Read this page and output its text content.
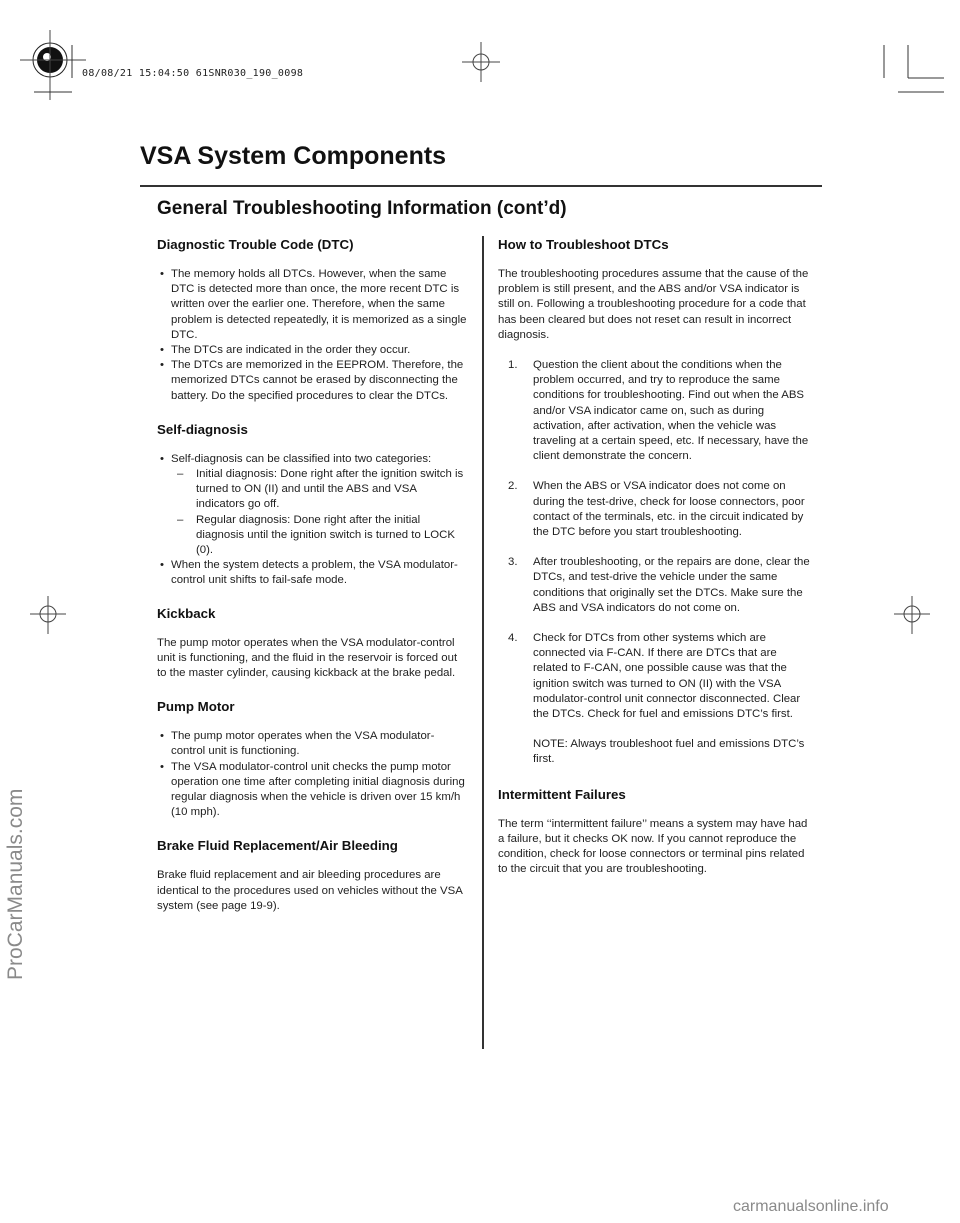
08/08/21 15:04:50 61SNR030_190_0098
VSA System Components
General Troubleshooting Information (cont’d)
Diagnostic Trouble Code (DTC)
• The memory holds all DTCs. However, when the same DTC is detected more than once, the more recent DTC is written over the earlier one. Therefore, when the same problem is detected repeatedly, it is memorized as a single DTC.
• The DTCs are indicated in the order they occur.
• The DTCs are memorized in the EEPROM. Therefore, the memorized DTCs cannot be erased by disconnecting the battery. Do the specified procedures to clear the DTCs.
Self-diagnosis
• Self-diagnosis can be classified into two categories:
– Initial diagnosis: Done right after the ignition switch is turned to ON (II) and until the ABS and VSA indicators go off.
– Regular diagnosis: Done right after the initial diagnosis until the ignition switch is turned to LOCK (0).
• When the system detects a problem, the VSA modulator-control unit shifts to fail-safe mode.
Kickback

The pump motor operates when the VSA modulator-control unit is functioning, and the fluid in the reservoir is forced out to the master cylinder, causing kickback at the brake pedal.

Pump Motor
• The pump motor operates when the VSA modulator-control unit is functioning.
• The VSA modulator-control unit checks the pump motor operation one time after completing initial diagnosis during regular diagnosis when the vehicle is driven over 15 km/h (10 mph).
Brake Fluid Replacement/Air Bleeding

Brake fluid replacement and air bleeding procedures are identical to the procedures used on vehicles without the VSA system (see page 19-9).

How to Troubleshoot DTCs

The troubleshooting procedures assume that the cause of the problem is still present, and the ABS and/or VSA indicator is still on. Following a troubleshooting procedure for a code that has been cleared but does not reset can result in incorrect diagnosis.

1. Question the client about the conditions when the problem occurred, and try to reproduce the same conditions for troubleshooting. Find out when the ABS and/or VSA indicator came on, such as during activation, after activation, when the vehicle was traveling at a certain speed, etc. If necessary, have the client demonstrate the concern.
2. When the ABS or VSA indicator does not come on during the test-drive, check for loose connectors, poor contact of the terminals, etc. in the circuit indicated by the DTC before you start troubleshooting.
3. After troubleshooting, or the repairs are done, clear the DTCs, and test-drive the vehicle under the same conditions that originally set the DTCs. Make sure the ABS and VSA indicators do not come on.
4. Check for DTCs from other systems which are connected via F-CAN. If there are DTCs that are related to F-CAN, one possible cause was that the ignition switch was turned to ON (II) with the VSA modulator-control unit connector disconnected. Clear the DTCs. Check for fuel and emissions DTC’s first.

NOTE: Always troubleshoot fuel and emissions DTC’s first.

Intermittent Failures

The term ‘‘intermittent failure’’ means a system may have had a failure, but it checks OK now. If you cannot reproduce the condition, check for loose connectors or terminal pins related to the circuit that you are troubleshooting.

ProCarManuals.com
carmanualsonline.info
